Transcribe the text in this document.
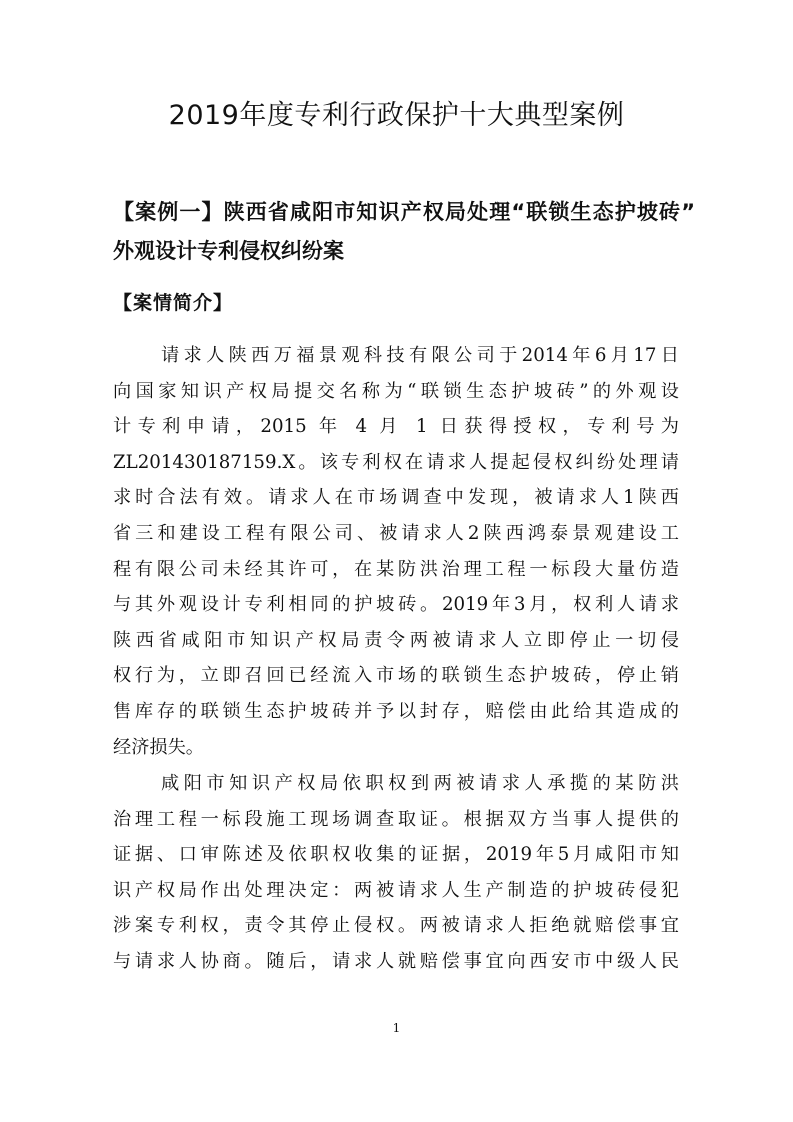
2019年度专利行政保护十大典型案例
【案例一】陕西省咸阳市知识产权局处理“联锁生态护坡砖”
外观设计专利侵权纠纷案
【案情简介】
请求人陕西万福景观科技有限公司于2014年6月17日
向国家知识产权局提交名称为“联锁生态护坡砖”的外观设
计专利申请，2015 年 4 月 1 日获得授权，专利号为
ZL201430187159.X。该专利权在请求人提起侵权纠纷处理请
求时合法有效。请求人在市场调查中发现，被请求人1陕西
省三和建设工程有限公司、被请求人2陕西鸿泰景观建设工
程有限公司未经其许可，在某防洪治理工程一标段大量仿造
与其外观设计专利相同的护坡砖。2019年3月，权利人请求
陕西省咸阳市知识产权局责令两被请求人立即停止一切侵
权行为，立即召回已经流入市场的联锁生态护坡砖，停止销
售库存的联锁生态护坡砖并予以封存，赔偿由此给其造成的
经济损失。
咸阳市知识产权局依职权到两被请求人承揽的某防洪
治理工程一标段施工现场调查取证。根据双方当事人提供的
证据、口审陈述及依职权收集的证据，2019年5月咸阳市知
识产权局作出处理决定：两被请求人生产制造的护坡砖侵犯
涉案专利权，责令其停止侵权。两被请求人拒绝就赔偿事宜
与请求人协商。随后，请求人就赔偿事宜向西安市中级人民
1
